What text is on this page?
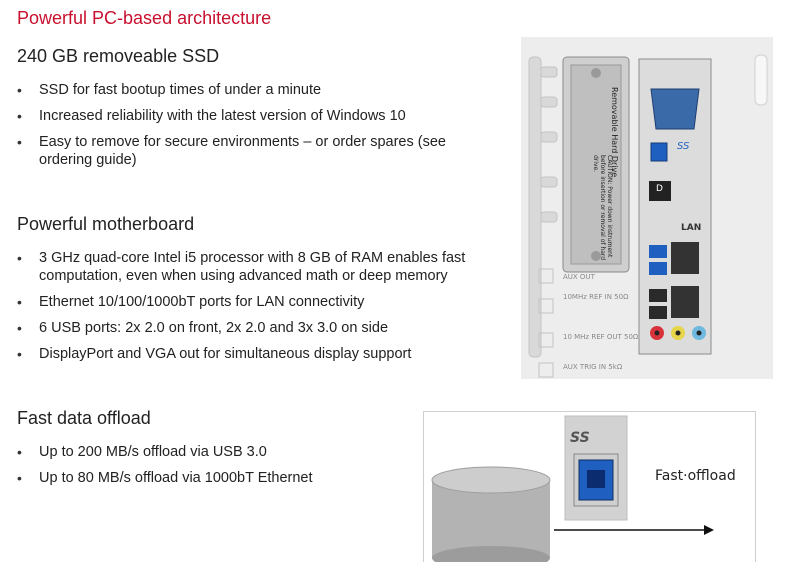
Powerful PC-based architecture
240 GB removeable SSD
• SSD for fast bootup times of under a minute
• Increased reliability with the latest version of Windows 10
• Easy to remove for secure environments – or order spares (see ordering guide)
Powerful motherboard
• 3 GHz quad-core Intel i5 processor with 8 GB of RAM enables fast computation, even when using advanced math or deep memory
• Ethernet 10/100/1000bT ports for LAN connectivity
• 6 USB ports: 2x 2.0 on front, 2x 2.0 and 3x 3.0 on side
• DisplayPort and VGA out for simultaneous display support
Fast data offload
• Up to 200 MB/s offload via USB 3.0
• Up to 80 MB/s offload via 1000bT Ethernet
Removable Hard Drive
CAUTION: Power down instrument before insertion or removal of hard drive.
SS
D
LAN
AUX OUT
10MHz REF IN 50Ω
10 MHz REF OUT 50Ω
AUX TRIG IN 5kΩ
SS
Fast·offload
